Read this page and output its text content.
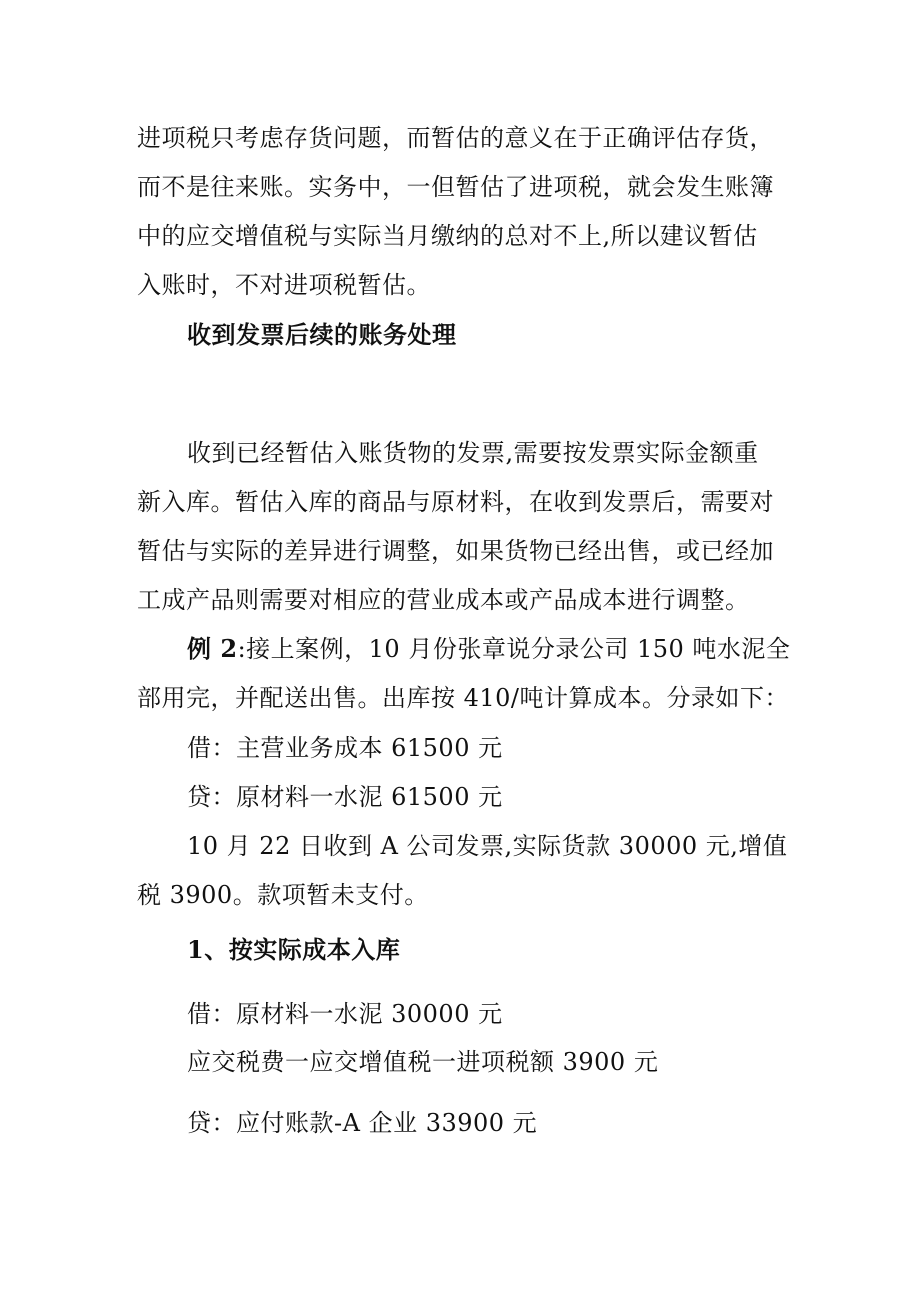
进项税只考虑存货问题，而暂估的意义在于正确评估存货，
而不是往来账。实务中，一但暂估了进项税，就会发生账簿
中的应交增值税与实际当月缴纳的总对不上,所以建议暂估
入账时，不对进项税暂估。
收到发票后续的账务处理
收到已经暂估入账货物的发票,需要按发票实际金额重
新入库。暂估入库的商品与原材料，在收到发票后，需要对
暂估与实际的差异进行调整，如果货物已经出售，或已经加
工成产品则需要对相应的营业成本或产品成本进行调整。
例 2:接上案例，10 月份张章说分录公司 150 吨水泥全
部用完，并配送出售。出库按 410/吨计算成本。分录如下：
借：主营业务成本 61500 元
贷：原材料一水泥 61500 元
10 月 22 日收到 A 公司发票,实际货款 30000 元,增值
税 3900。款项暂未支付。
1、按实际成本入库
借：原材料一水泥 30000 元
应交税费一应交增值税一进项税额 3900 元
贷：应付账款-A 企业 33900 元
